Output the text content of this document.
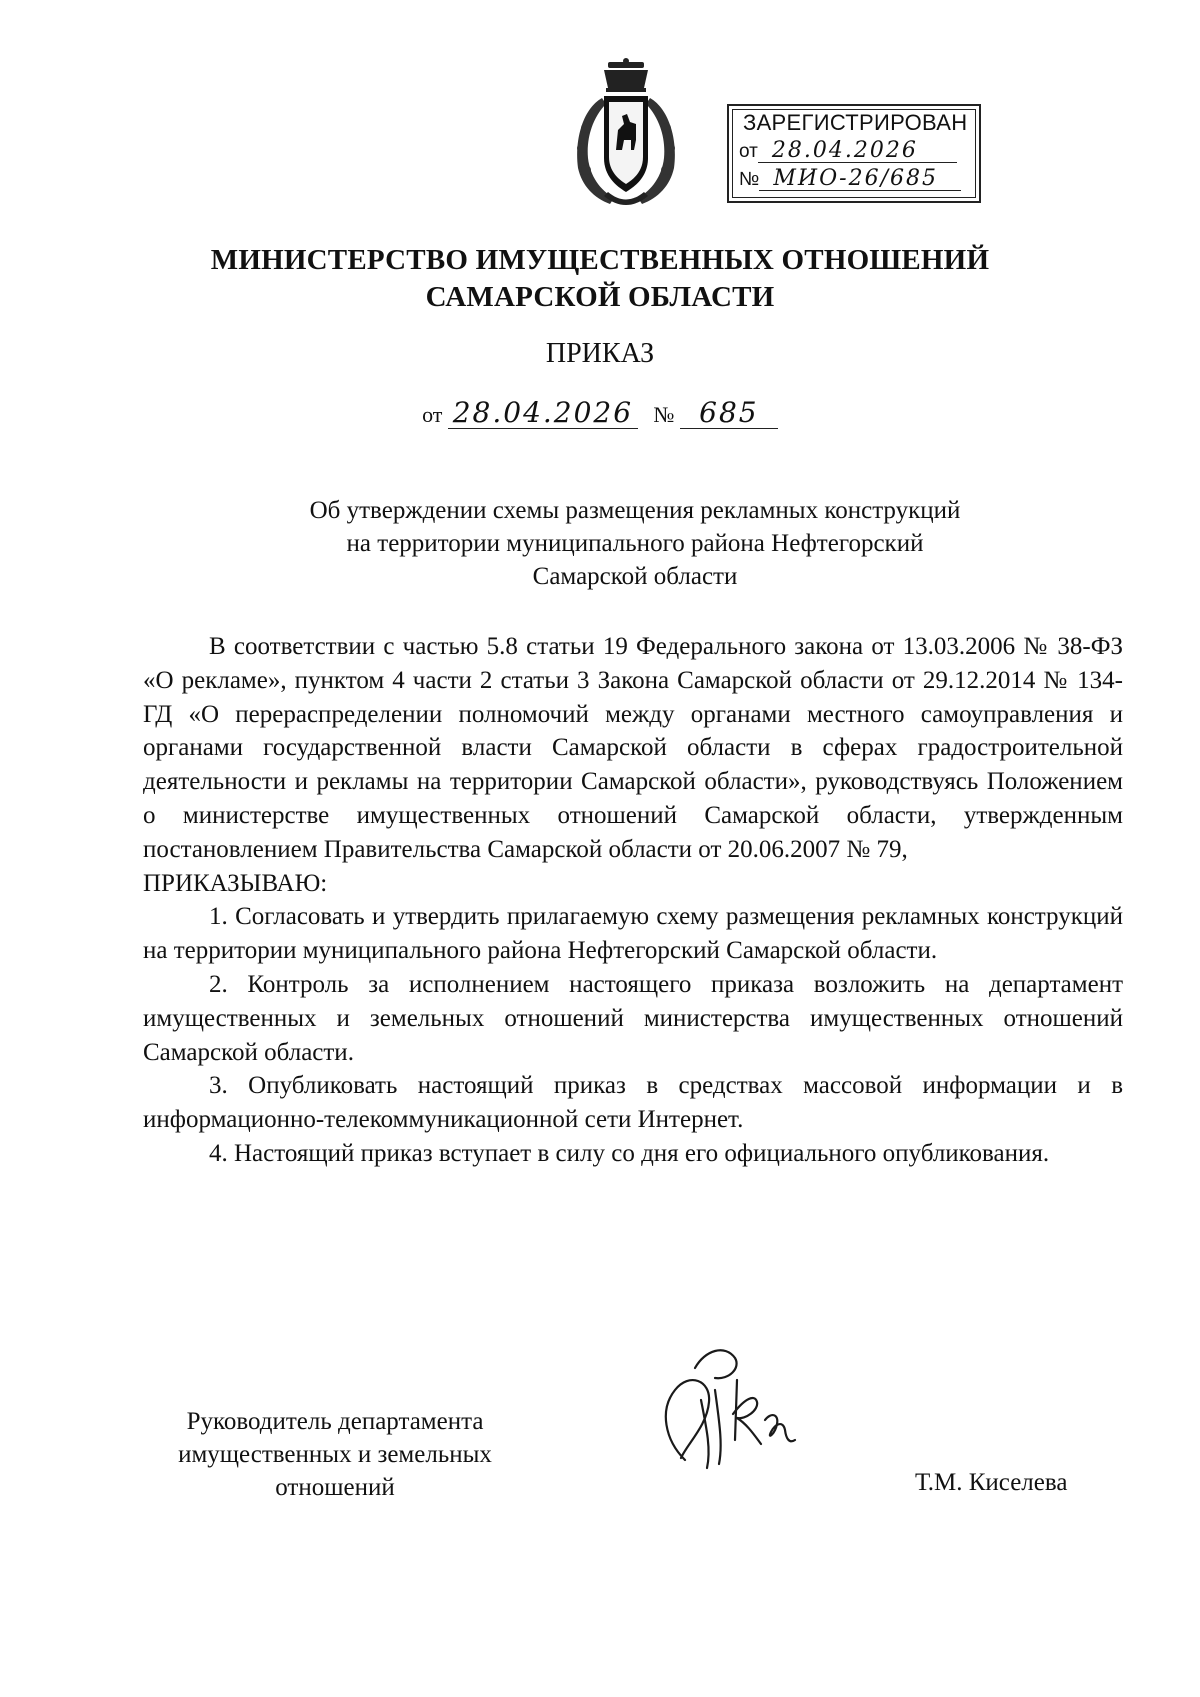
ЗАРЕГИСТРИРОВАН
от 28.04.2026
№ МИО-26/685
МИНИСТЕРСТВО ИМУЩЕСТВЕННЫХ ОТНОШЕНИЙ
САМАРСКОЙ ОБЛАСТИ
ПРИКАЗ
от 28.04.2026 № 685
Об утверждении схемы размещения рекламных конструкций
на территории муниципального района Нефтегорский
Самарской области

В соответствии с частью 5.8 статьи 19 Федерального закона от 13.03.2006 № 38-ФЗ «О рекламе», пунктом 4 части 2 статьи 3 Закона Самарской области от 29.12.2014 № 134-ГД «О перераспределении полномочий между органами местного самоуправления и органами государственной власти Самарской области в сферах градостроительной деятельности и рекламы на территории Самарской области», руководствуясь Положением о министерстве имущественных отношений Самарской области, утвержденным постановлением Правительства Самарской области от 20.06.2007 № 79,

ПРИКАЗЫВАЮ:

1. Согласовать и утвердить прилагаемую схему размещения рекламных конструкций на территории муниципального района Нефтегорский Самарской области.

2. Контроль за исполнением настоящего приказа возложить на департамент имущественных и земельных отношений министерства имущественных отношений Самарской области.

3. Опубликовать настоящий приказ в средствах массовой информации и в информационно-телекоммуникационной сети Интернет.

4. Настоящий приказ вступает в силу со дня его официального опубликования.

Руководитель департамента
имущественных и земельных
отношений	Т.М. Киселева
